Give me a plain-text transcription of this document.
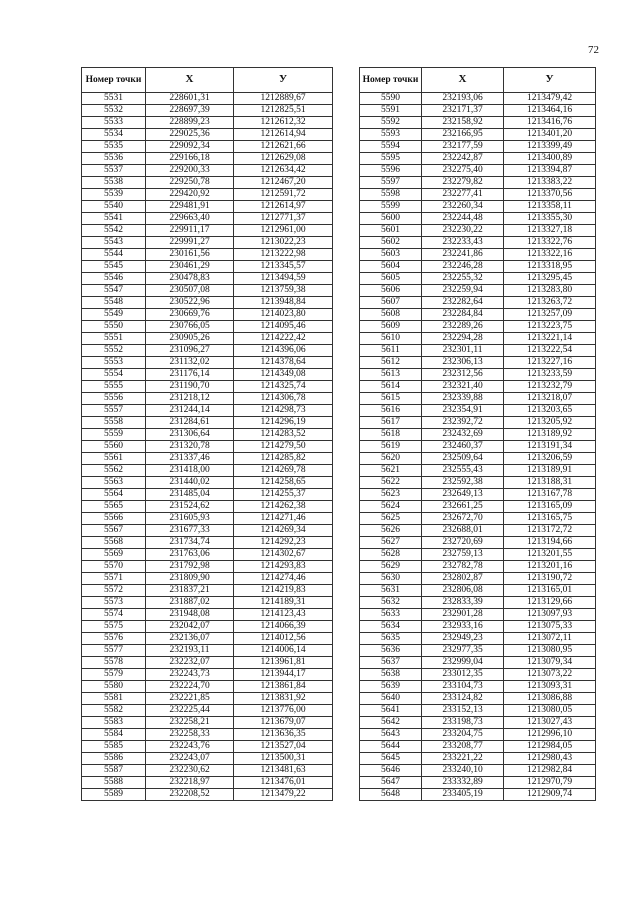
72
Номер точки	X	У
5531	228601,31	1212889,67
5532	228697,39	1212825,51
5533	228899,23	1212612,32
5534	229025,36	1212614,94
5535	229092,34	1212621,66
5536	229166,18	1212629,08
5537	229200,33	1212634,42
5538	229250,78	1212467,20
5539	229420,92	1212591,72
5540	229481,91	1212614,97
5541	229663,40	1212771,37
5542	229911,17	1212961,00
5543	229991,27	1213022,23
5544	230161,56	1213222,98
5545	230461,29	1213345,57
5546	230478,83	1213494,59
5547	230507,08	1213759,38
5548	230522,96	1213948,84
5549	230669,76	1214023,80
5550	230766,05	1214095,46
5551	230905,26	1214222,42
5552	231096,27	1214396,06
5553	231132,02	1214378,64
5554	231176,14	1214349,08
5555	231190,70	1214325,74
5556	231218,12	1214306,78
5557	231244,14	1214298,73
5558	231284,61	1214296,19
5559	231306,64	1214283,52
5560	231320,78	1214279,50
5561	231337,46	1214285,82
5562	231418,00	1214269,78
5563	231440,02	1214258,65
5564	231485,04	1214255,37
5565	231524,62	1214262,38
5566	231605,93	1214271,46
5567	231677,33	1214269,34
5568	231734,74	1214292,23
5569	231763,06	1214302,67
5570	231792,98	1214293,83
5571	231809,90	1214274,46
5572	231837,21	1214219,83
5573	231887,02	1214189,31
5574	231948,08	1214123,43
5575	232042,07	1214066,39
5576	232136,07	1214012,56
5577	232193,11	1214006,14
5578	232232,07	1213961,81
5579	232243,73	1213944,17
5580	232224,70	1213861,84
5581	232221,85	1213831,92
5582	232225,44	1213776,00
5583	232258,21	1213679,07
5584	232258,33	1213636,35
5585	232243,76	1213527,04
5586	232243,07	1213500,31
5587	232230,62	1213481,63
5588	232218,97	1213476,01
5589	232208,52	1213479,22
Номер точки	X	У
5590	232193,06	1213479,42
5591	232171,37	1213464,16
5592	232158,92	1213416,76
5593	232166,95	1213401,20
5594	232177,59	1213399,49
5595	232242,87	1213400,89
5596	232275,40	1213394,87
5597	232279,82	1213383,22
5598	232277,41	1213370,56
5599	232260,34	1213358,11
5600	232244,48	1213355,30
5601	232230,22	1213327,18
5602	232233,43	1213322,76
5603	232241,86	1213322,16
5604	232246,28	1213318,95
5605	232255,32	1213295,45
5606	232259,94	1213283,80
5607	232282,64	1213263,72
5608	232284,84	1213257,09
5609	232289,26	1213223,75
5610	232294,28	1213221,14
5611	232301,11	1213222,54
5612	232306,13	1213227,16
5613	232312,56	1213233,59
5614	232321,40	1213232,79
5615	232339,88	1213218,07
5616	232354,91	1213203,65
5617	232392,72	1213205,92
5618	232432,69	1213189,92
5619	232460,37	1213191,34
5620	232509,64	1213206,59
5621	232555,43	1213189,91
5622	232592,38	1213188,31
5623	232649,13	1213167,78
5624	232661,25	1213165,09
5625	232672,70	1213165,75
5626	232688,01	1213172,72
5627	232720,69	1213194,66
5628	232759,13	1213201,55
5629	232782,78	1213201,16
5630	232802,87	1213190,72
5631	232806,08	1213165,01
5632	232833,39	1213129,66
5633	232901,28	1213097,93
5634	232933,16	1213075,33
5635	232949,23	1213072,11
5636	232977,35	1213080,95
5637	232999,04	1213079,34
5638	233012,35	1213073,22
5639	233104,73	1213093,31
5640	233124,82	1213086,88
5641	233152,13	1213080,05
5642	233198,73	1213027,43
5643	233204,75	1212996,10
5644	233208,77	1212984,05
5645	233221,22	1212980,43
5646	233240,10	1212982,84
5647	233332,89	1212970,79
5648	233405,19	1212909,74
